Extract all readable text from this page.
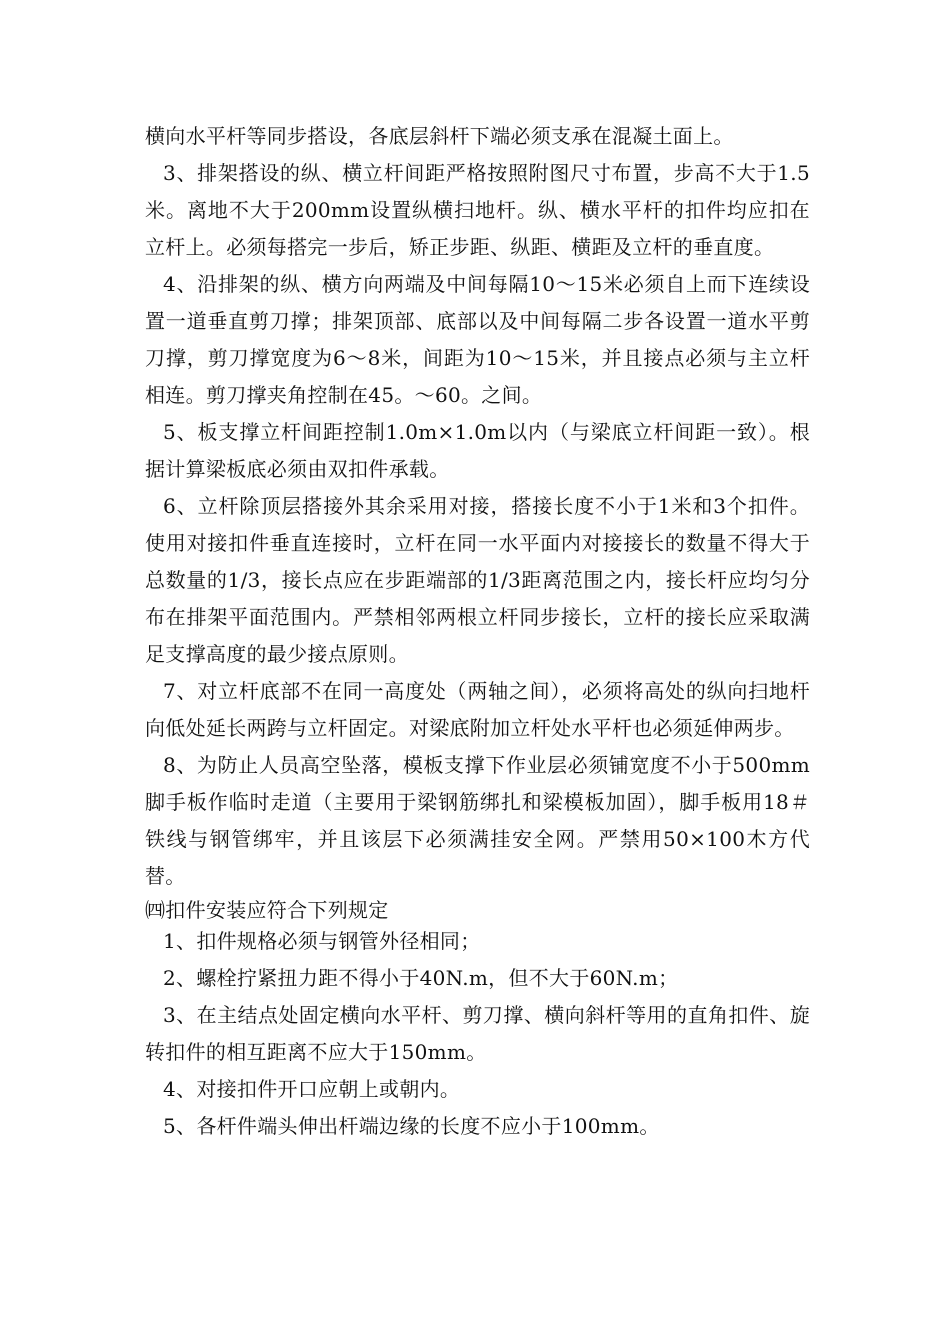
横向水平杆等同步搭设，各底层斜杆下端必须支承在混凝土面上。

3、排架搭设的纵、横立杆间距严格按照附图尺寸布置，步高不大于1.5米。离地不大于200mm设置纵横扫地杆。纵、横水平杆的扣件均应扣在立杆上。必须每搭完一步后，矫正步距、纵距、横距及立杆的垂直度。

4、沿排架的纵、横方向两端及中间每隔10～15米必须自上而下连续设置一道垂直剪刀撑；排架顶部、底部以及中间每隔二步各设置一道水平剪刀撑，剪刀撑宽度为6～8米，间距为10～15米，并且接点必须与主立杆相连。剪刀撑夹角控制在45。～60。之间。

5、板支撑立杆间距控制1.0m×1.0m以内（与梁底立杆间距一致）。根据计算梁板底必须由双扣件承载。

6、立杆除顶层搭接外其余采用对接，搭接长度不小于1米和3个扣件。使用对接扣件垂直连接时，立杆在同一水平面内对接接长的数量不得大于总数量的1/3，接长点应在步距端部的1/3距离范围之内，接长杆应均匀分布在排架平面范围内。严禁相邻两根立杆同步接长，立杆的接长应采取满足支撑高度的最少接点原则。

7、对立杆底部不在同一高度处（两轴之间），必须将高处的纵向扫地杆向低处延长两跨与立杆固定。对梁底附加立杆处水平杆也必须延伸两步。

8、为防止人员高空坠落，模板支撑下作业层必须铺宽度不小于500mm脚手板作临时走道（主要用于梁钢筋绑扎和梁模板加固），脚手板用18＃铁线与钢管绑牢，并且该层下必须满挂安全网。严禁用50×100木方代替。

㈣扣件安装应符合下列规定

1、扣件规格必须与钢管外径相同；

2、螺栓拧紧扭力距不得小于40N.m，但不大于60N.m；

3、在主结点处固定横向水平杆、剪刀撑、横向斜杆等用的直角扣件、旋转扣件的相互距离不应大于150mm。

4、对接扣件开口应朝上或朝内。

5、各杆件端头伸出杆端边缘的长度不应小于100mm。
